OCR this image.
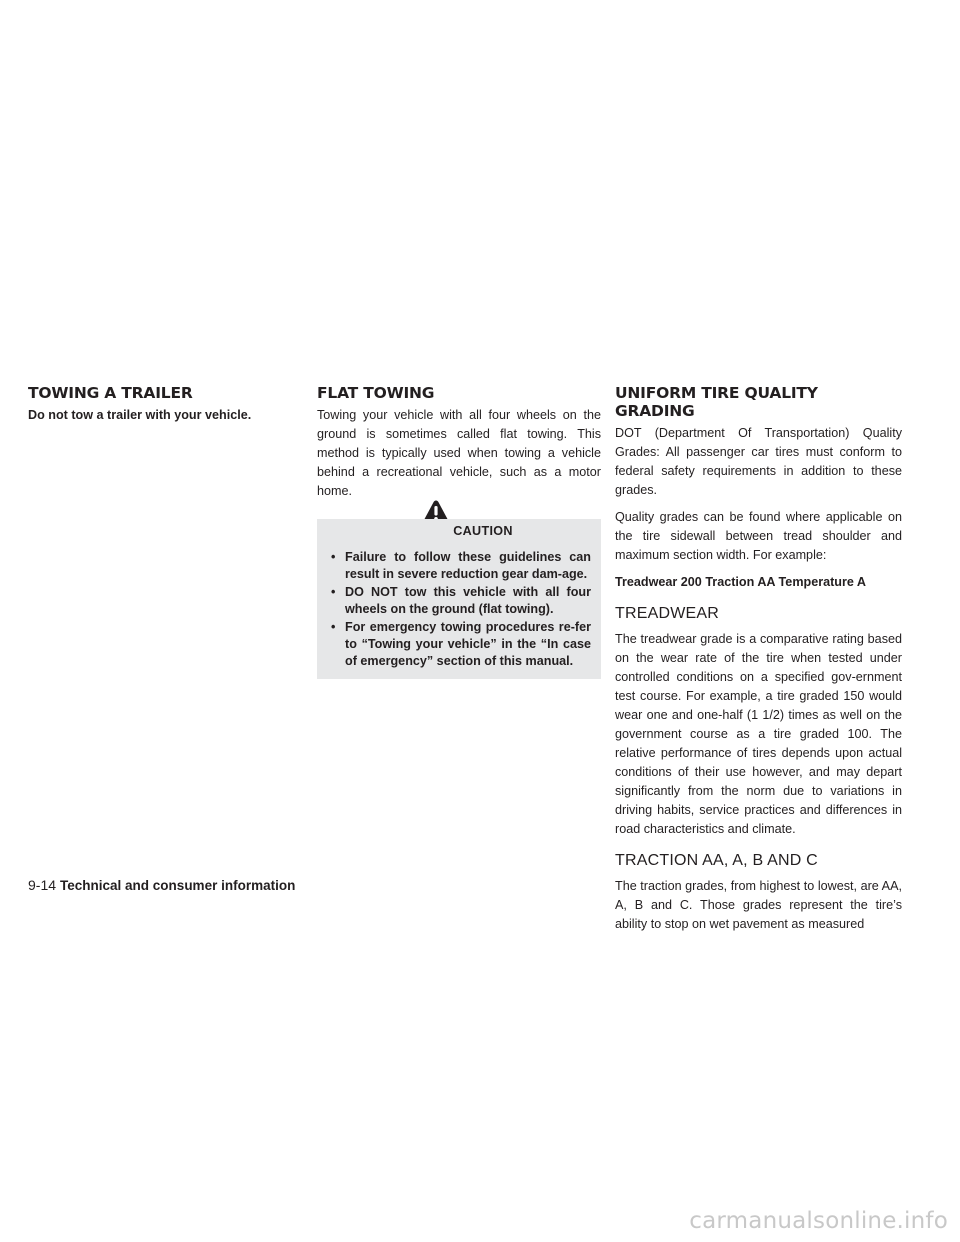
TOWING A TRAILER

Do not tow a trailer with your vehicle.

FLAT TOWING

Towing your vehicle with all four wheels on the ground is sometimes called flat towing. This method is typically used when towing a vehicle behind a recreational vehicle, such as a motor home.

CAUTION
• Failure to follow these guidelines can result in severe reduction gear dam-age.
• DO NOT tow this vehicle with all four wheels on the ground (flat towing).
• For emergency towing procedures re-fer to “Towing your vehicle” in the “In case of emergency” section of this manual.
UNIFORM TIRE QUALITY GRADING

DOT (Department Of Transportation) Quality Grades: All passenger car tires must conform to federal safety requirements in addition to these grades.

Quality grades can be found where applicable on the tire sidewall between tread shoulder and maximum section width. For example:

Treadwear 200 Traction AA Temperature A

TREADWEAR

The treadwear grade is a comparative rating based on the wear rate of the tire when tested under controlled conditions on a specified gov-ernment test course. For example, a tire graded 150 would wear one and one-half (1 1/2) times as well on the government course as a tire graded 100. The relative performance of tires depends upon actual conditions of their use however, and may depart significantly from the norm due to variations in driving habits, service practices and differences in road characteristics and climate.

TRACTION AA, A, B AND C

The traction grades, from highest to lowest, are AA, A, B and C. Those grades represent the tire’s ability to stop on wet pavement as measured

9-14 Technical and consumer information
carmanualsonline.info
